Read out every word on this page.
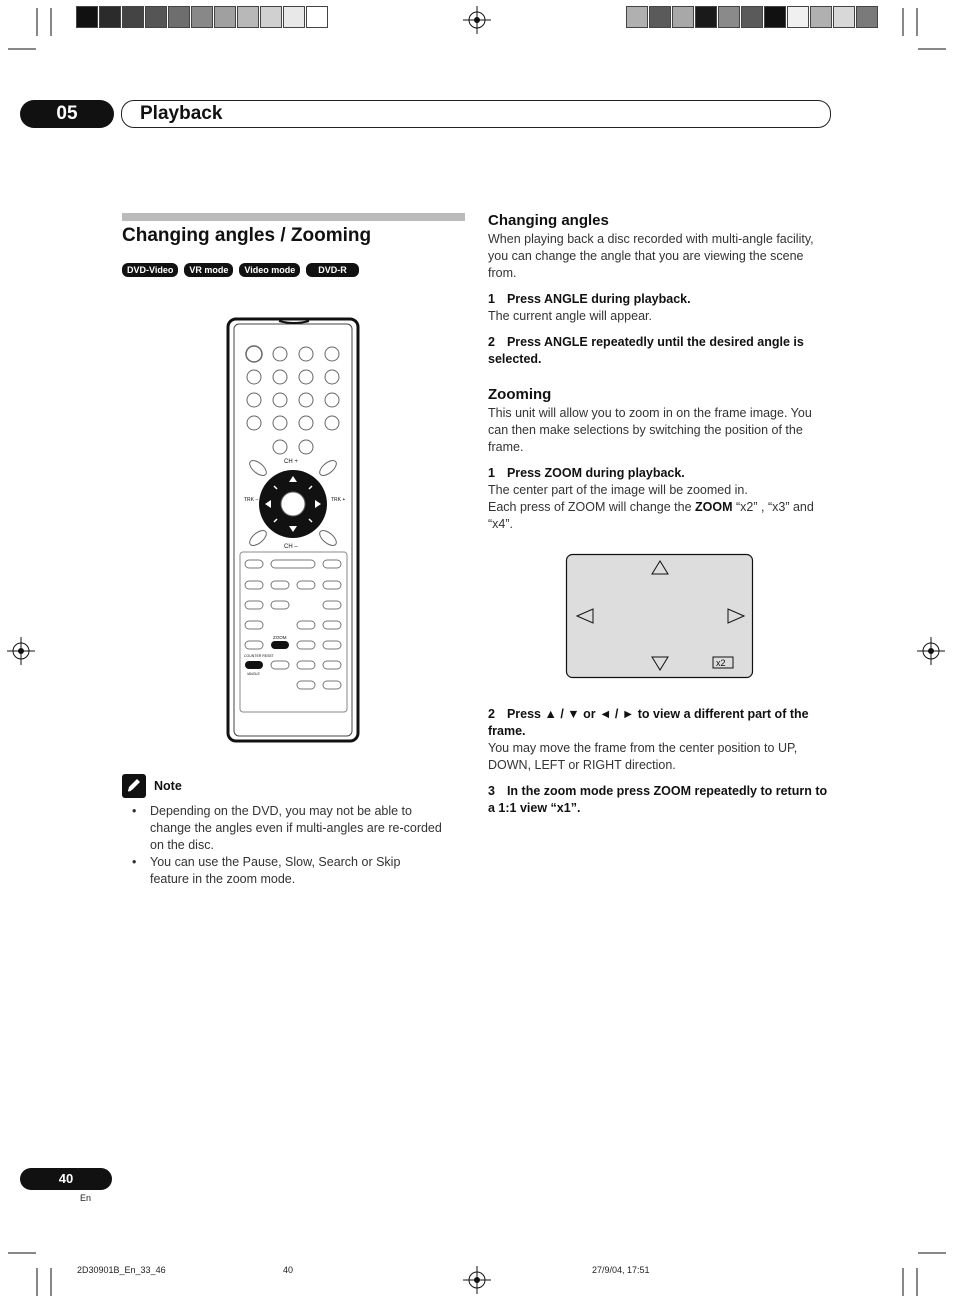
05	Playback
Changing angles / Zooming
DVD-Video	VR mode	Video mode	DVD-R
CH +
CH –
TRK –	TRK +
ZOOM
COUNTER RESET
/ANGLE
Note
• Depending on the DVD, you may not be able to change the angles even if multi-angles are re-corded on the disc.
• You can use the Pause, Slow, Search or Skip feature in the zoom mode.
Changing angles
When playing back a disc recorded with multi-angle facility, you can change the angle that you are viewing the scene from.
1 Press ANGLE during playback.
The current angle will appear.
2 Press ANGLE repeatedly until the desired angle is selected.
Zooming
This unit will allow you to zoom in on the frame image. You can then make selections by switching the position of the frame.
1 Press ZOOM during playback.
The center part of the image will be zoomed in.
Each press of ZOOM will change the ZOOM “x2” , “x3” and “x4”.
x2
2 Press ▲ / ▼ or ◄ / ► to view a different part of the frame.
You may move the frame from the center position to UP, DOWN, LEFT or RIGHT direction.
3 In the zoom mode press ZOOM repeatedly to return to a 1:1 view “x1”.
40
En
2D30901B_En_33_46	40	27/9/04, 17:51
